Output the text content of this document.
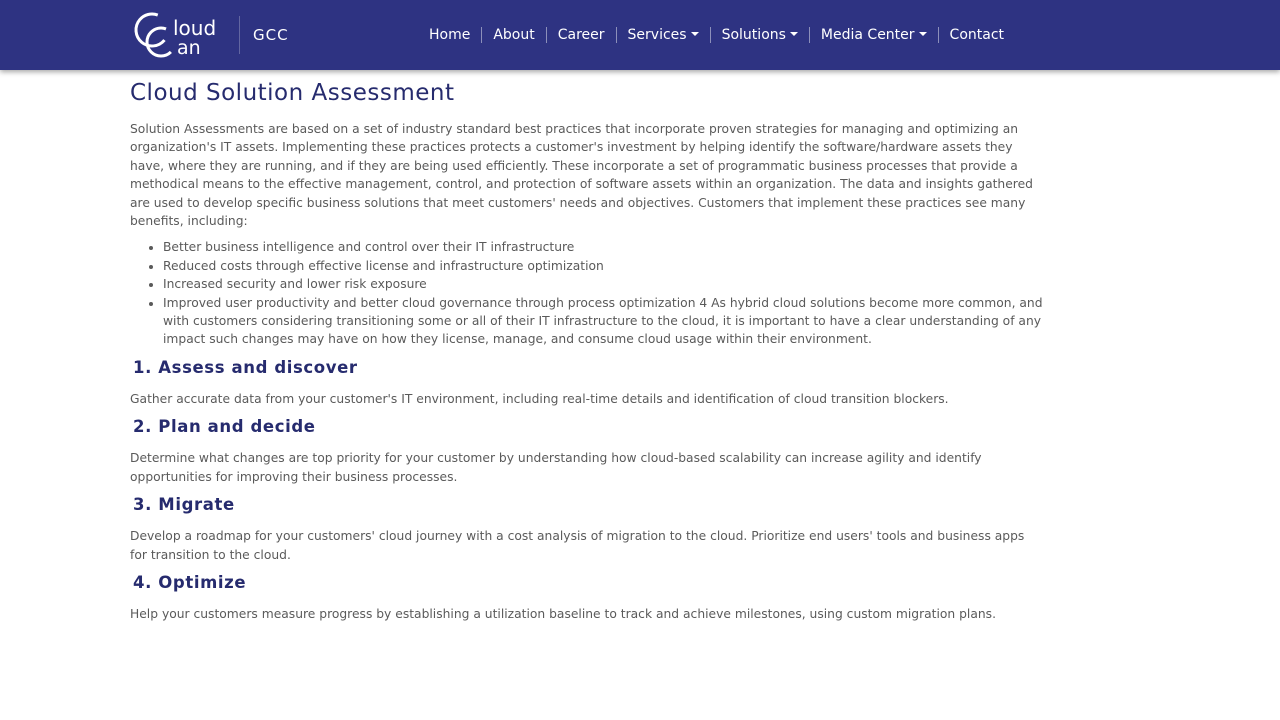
loud
an
GCC	Home	About	Career	Services	Solutions	Media Center	Contact
Cloud Solution Assessment

Solution Assessments are based on a set of industry standard best practices that incorporate proven strategies for managing and optimizing an organization's IT assets. Implementing these practices protects a customer's investment by helping identify the software/hardware assets they have, where they are running, and if they are being used efficiently. These incorporate a set of programmatic business processes that provide a methodical means to the effective management, control, and protection of software assets within an organization. The data and insights gathered are used to develop specific business solutions that meet customers' needs and objectives. Customers that implement these practices see many benefits, including:

• Better business intelligence and control over their IT infrastructure
• Reduced costs through effective license and infrastructure optimization
• Increased security and lower risk exposure
• Improved user productivity and better cloud governance through process optimization 4 As hybrid cloud solutions become more common, and with customers considering transitioning some or all of their IT infrastructure to the cloud, it is important to have a clear understanding of any impact such changes may have on how they license, manage, and consume cloud usage within their environment.
1. Assess and discover

Gather accurate data from your customer's IT environment, including real-time details and identification of cloud transition blockers.

2. Plan and decide

Determine what changes are top priority for your customer by understanding how cloud-based scalability can increase agility and identify opportunities for improving their business processes.

3. Migrate

Develop a roadmap for your customers' cloud journey with a cost analysis of migration to the cloud. Prioritize end users' tools and business apps for transition to the cloud.

4. Optimize

Help your customers measure progress by establishing a utilization baseline to track and achieve milestones, using custom migration plans.
